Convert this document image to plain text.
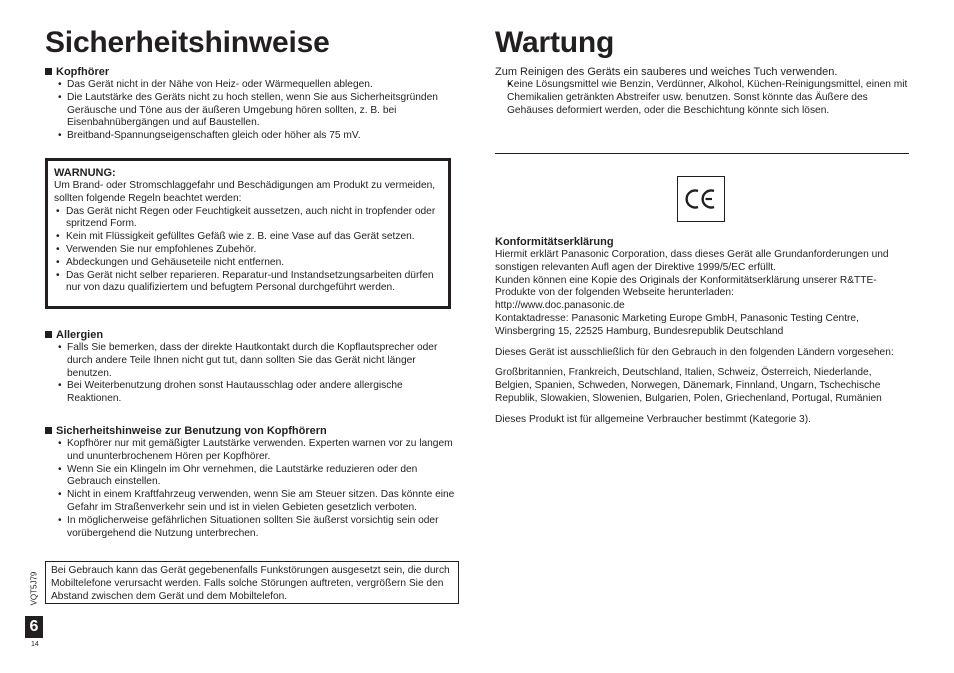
Sicherheitshinweise

Kopfhörer

• Das Gerät nicht in der Nähe von Heiz- oder Wärmequellen ablegen.
• Die Lautstärke des Geräts nicht zu hoch stellen, wenn Sie aus Sicherheitsgründen Geräusche und Töne aus der äußeren Umgebung hören sollten, z. B. bei Eisenbahnübergängen und auf Baustellen.
• Breitband-Spannungseigenschaften gleich oder höher als 75 mV.
WARNUNG:

Um Brand- oder Stromschlaggefahr und Beschädigungen am Produkt zu vermeiden, sollten folgende Regeln beachtet werden:

• Das Gerät nicht Regen oder Feuchtigkeit aussetzen, auch nicht in tropfender oder spritzend Form.
• Kein mit Flüssigkeit gefülltes Gefäß wie z. B. eine Vase auf das Gerät setzen.
• Verwenden Sie nur empfohlenes Zubehör.
• Abdeckungen und Gehäuseteile nicht entfernen.
• Das Gerät nicht selber reparieren. Reparatur-und Instandsetzungsarbeiten dürfen nur von dazu qualifiziertem und befugtem Personal durchgeführt werden.

Allergien

• Falls Sie bemerken, dass der direkte Hautkontakt durch die Kopflautsprecher oder durch andere Teile Ihnen nicht gut tut, dann sollten Sie das Gerät nicht länger benutzen.
• Bei Weiterbenutzung drohen sonst Hautausschlag oder andere allergische Reaktionen.

Sicherheitshinweise zur Benutzung von Kopfhörern

• Kopfhörer nur mit gemäßigter Lautstärke verwenden. Experten warnen vor zu langem und ununterbrochenem Hören per Kopfhörer.
• Wenn Sie ein Klingeln im Ohr vernehmen, die Lautstärke reduzieren oder den Gebrauch einstellen.
• Nicht in einem Kraftfahrzeug verwenden, wenn Sie am Steuer sitzen. Das könnte eine Gefahr im Straßenverkehr sein und ist in vielen Gebieten gesetzlich verboten.
• In möglicherweise gefährlichen Situationen sollten Sie äußerst vorsichtig sein oder vorübergehend die Nutzung unterbrechen.

Bei Gebrauch kann das Gerät gegebenenfalls Funkstörungen ausgesetzt sein, die durch Mobiltelefone verursacht werden. Falls solche Störungen auftreten, vergrößern Sie den Abstand zwischen dem Gerät und dem Mobiltelefon.

Wartung

Zum Reinigen des Geräts ein sauberes und weiches Tuch verwenden.

• Keine Lösungsmittel wie Benzin, Verdünner, Alkohol, Küchen-Reinigungsmittel, einen mit Chemikalien getränkten Abstreifer usw. benutzen. Sonst könnte das Äußere des Gehäuses deformiert werden, oder die Beschichtung könnte sich lösen.

Konformitätserklärung

Hiermit erklärt Panasonic Corporation, dass dieses Gerät alle Grundanforderungen und sonstigen relevanten Aufl agen der Direktive 1999/5/EC erfüllt.

Kunden können eine Kopie des Originals der Konformitätserklärung unserer R&TTE-Produkte von der folgenden Webseite herunterladen:

http://www.doc.panasonic.de

Kontaktadresse: Panasonic Marketing Europe GmbH, Panasonic Testing Centre, Winsbergring 15, 22525 Hamburg, Bundesrepublik Deutschland

Dieses Gerät ist ausschließlich für den Gebrauch in den folgenden Ländern vorgesehen:

Großbritannien, Frankreich, Deutschland, Italien, Schweiz, Österreich, Niederlande, Belgien, Spanien, Schweden, Norwegen, Dänemark, Finnland, Ungarn, Tschechische Republik, Slowakien, Slowenien, Bulgarien, Polen, Griechenland, Portugal, Rumänien

Dieses Produkt ist für allgemeine Verbraucher bestimmt (Kategorie 3).

VQT5J79
6
14
